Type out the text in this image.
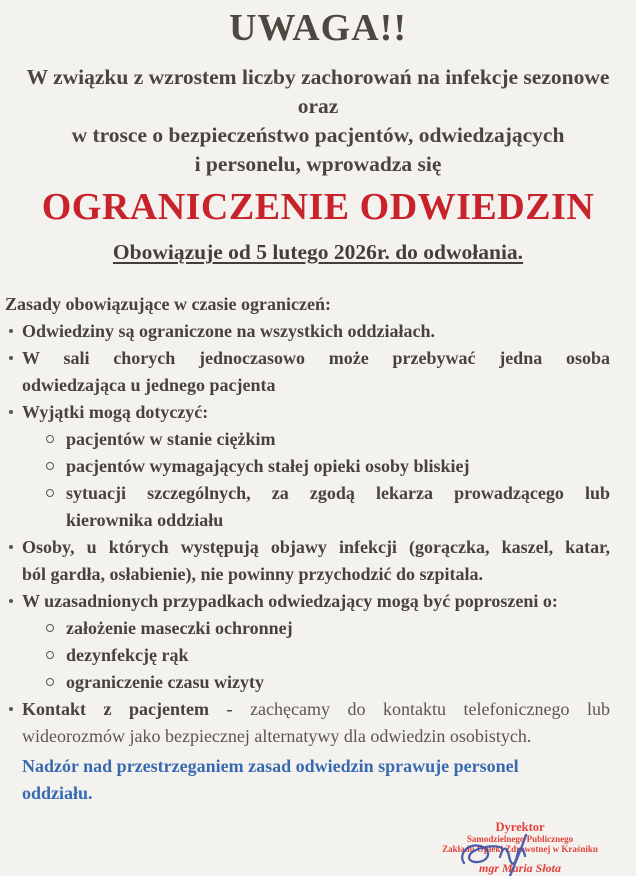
UWAGA!!
W związku z wzrostem liczby zachorowań na infekcje sezonowe
oraz
w trosce o bezpieczeństwo pacjentów, odwiedzających
i personelu, wprowadza się
OGRANICZENIE ODWIEDZIN
Obowiązuje od 5 lutego 2026r. do odwołania.
Zasady obowiązujące w czasie ograniczeń:
Odwiedziny są ograniczone na wszystkich oddziałach.
W sali chorych jednoczasowo może przebywać jedna osoba
odwiedzająca u jednego pacjenta
Wyjątki mogą dotyczyć:
pacjentów w stanie ciężkim
pacjentów wymagających stałej opieki osoby bliskiej
sytuacji szczególnych, za zgodą lekarza prowadzącego lub
kierownika oddziału
Osoby, u których występują objawy infekcji (gorączka, kaszel, katar,
ból gardła, osłabienie), nie powinny przychodzić do szpitala.
W uzasadnionych przypadkach odwiedzający mogą być poproszeni o:
założenie maseczki ochronnej
dezynfekcję rąk
ograniczenie czasu wizyty
Kontakt z pacjentem - zachęcamy do kontaktu telefonicznego lub
wideorozmów jako bezpiecznej alternatywy dla odwiedzin osobistych.
Nadzór nad przestrzeganiem zasad odwiedzin sprawuje personel
oddziału.
Dyrektor
Samodzielnego Publicznego
Zakładu Opieki Zdrowotnej w Kraśniku
mgr Maria Słota
